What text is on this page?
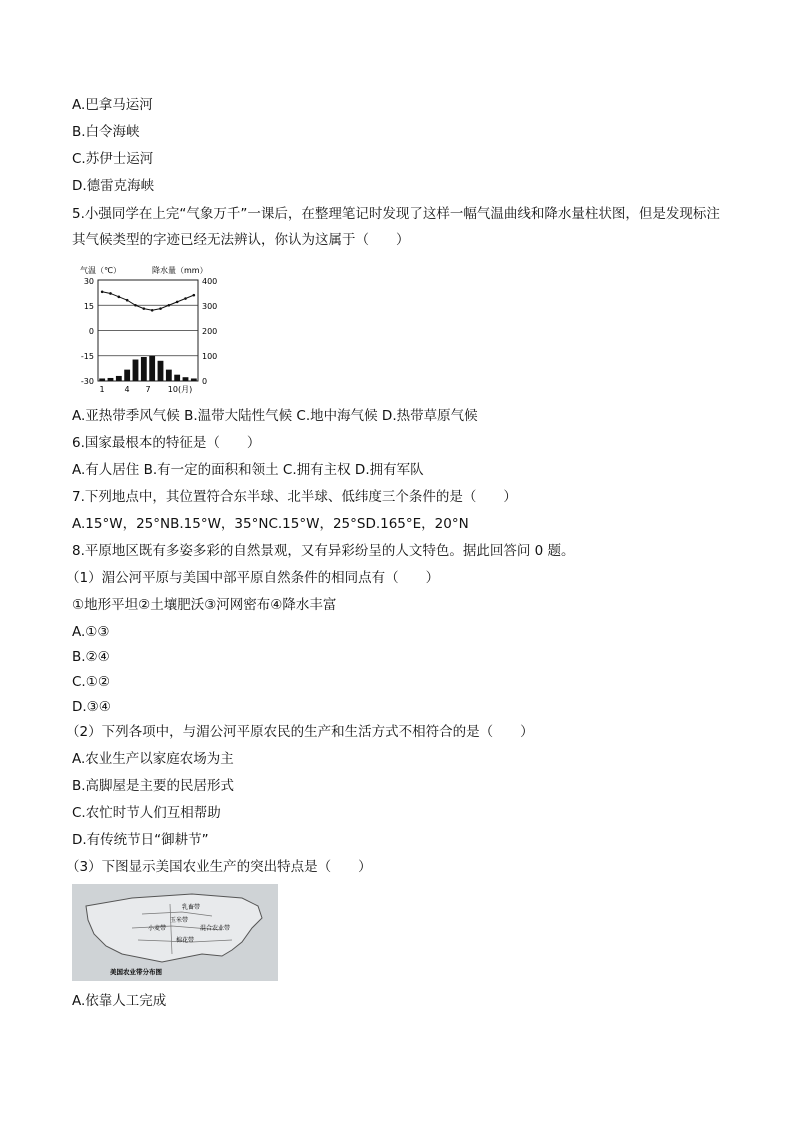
A.巴拿马运河
B.白令海峡
C.苏伊士运河
D.德雷克海峡
5.小强同学在上完“气象万千”一课后，在整理笔记时发现了这样一幅气温曲线和降水量柱状图，但是发现标注其气候类型的字迹已经无法辨认，你认为这属于（　　）
气温（℃）	降水量（mm）
30
15
0
-15
-30
400
300
200
100
0
1 4 7 10(月)
A.亚热带季风气候 B.温带大陆性气候 C.地中海气候 D.热带草原气候
6.国家最根本的特征是（　　）
A.有人居住 B.有一定的面积和领土 C.拥有主权 D.拥有军队
7.下列地点中，其位置符合东半球、北半球、低纬度三个条件的是（　　）
A.15°W，25°NB.15°W，35°NC.15°W，25°SD.165°E，20°N
8.平原地区既有多姿多彩的自然景观，又有异彩纷呈的人文特色。据此回答问 0 题。
（1）湄公河平原与美国中部平原自然条件的相同点有（　　）
①地形平坦②土壤肥沃③河网密布④降水丰富
A.①③
B.②④
C.①②
D.③④
（2）下列各项中，与湄公河平原农民的生产和生活方式不相符合的是（　　）
A.农业生产以家庭农场为主
B.高脚屋是主要的民居形式
C.农忙时节人们互相帮助
D.有传统节日“御耕节”
（3）下图显示美国农业生产的突出特点是（　　）
乳畜带
玉米带
小麦带	混合农业带
棉花带
美国农业带分布图
A.依靠人工完成
